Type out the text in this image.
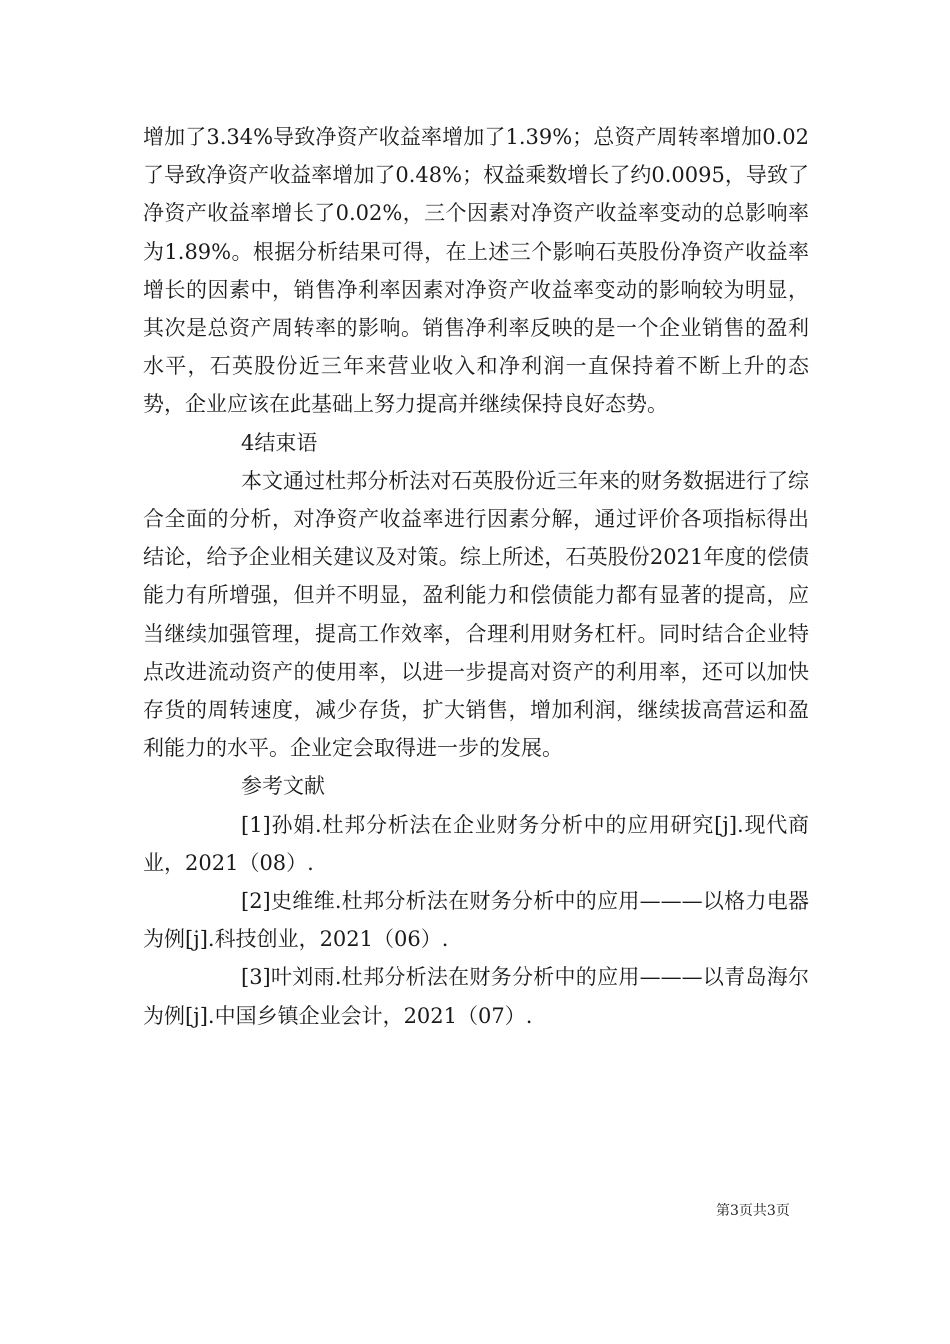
增加了3.34%导致净资产收益率增加了1.39%；总资产周转率增加0.02了导致净资产收益率增加了0.48%；权益乘数增长了约0.0095，导致了净资产收益率增长了0.02%，三个因素对净资产收益率变动的总影响率为1.89%。根据分析结果可得，在上述三个影响石英股份净资产收益率增长的因素中，销售净利率因素对净资产收益率变动的影响较为明显，其次是总资产周转率的影响。销售净利率反映的是一个企业销售的盈利水平，石英股份近三年来营业收入和净利润一直保持着不断上升的态势，企业应该在此基础上努力提高并继续保持良好态势。

4结束语

本文通过杜邦分析法对石英股份近三年来的财务数据进行了综合全面的分析，对净资产收益率进行因素分解，通过评价各项指标得出结论，给予企业相关建议及对策。综上所述，石英股份2021年度的偿债能力有所增强，但并不明显，盈利能力和偿债能力都有显著的提高，应当继续加强管理，提高工作效率，合理利用财务杠杆。同时结合企业特点改进流动资产的使用率，以进一步提高对资产的利用率，还可以加快存货的周转速度，减少存货，扩大销售，增加利润，继续拔高营运和盈利能力的水平。企业定会取得进一步的发展。

参考文献

[1]孙娟.杜邦分析法在企业财务分析中的应用研究[j].现代商业，2021（08）.

[2]史维维.杜邦分析法在财务分析中的应用———以格力电器为例[j].科技创业，2021（06）.

[3]叶刘雨.杜邦分析法在财务分析中的应用———以青岛海尔为例[j].中国乡镇企业会计，2021（07）.

第3页共3页
